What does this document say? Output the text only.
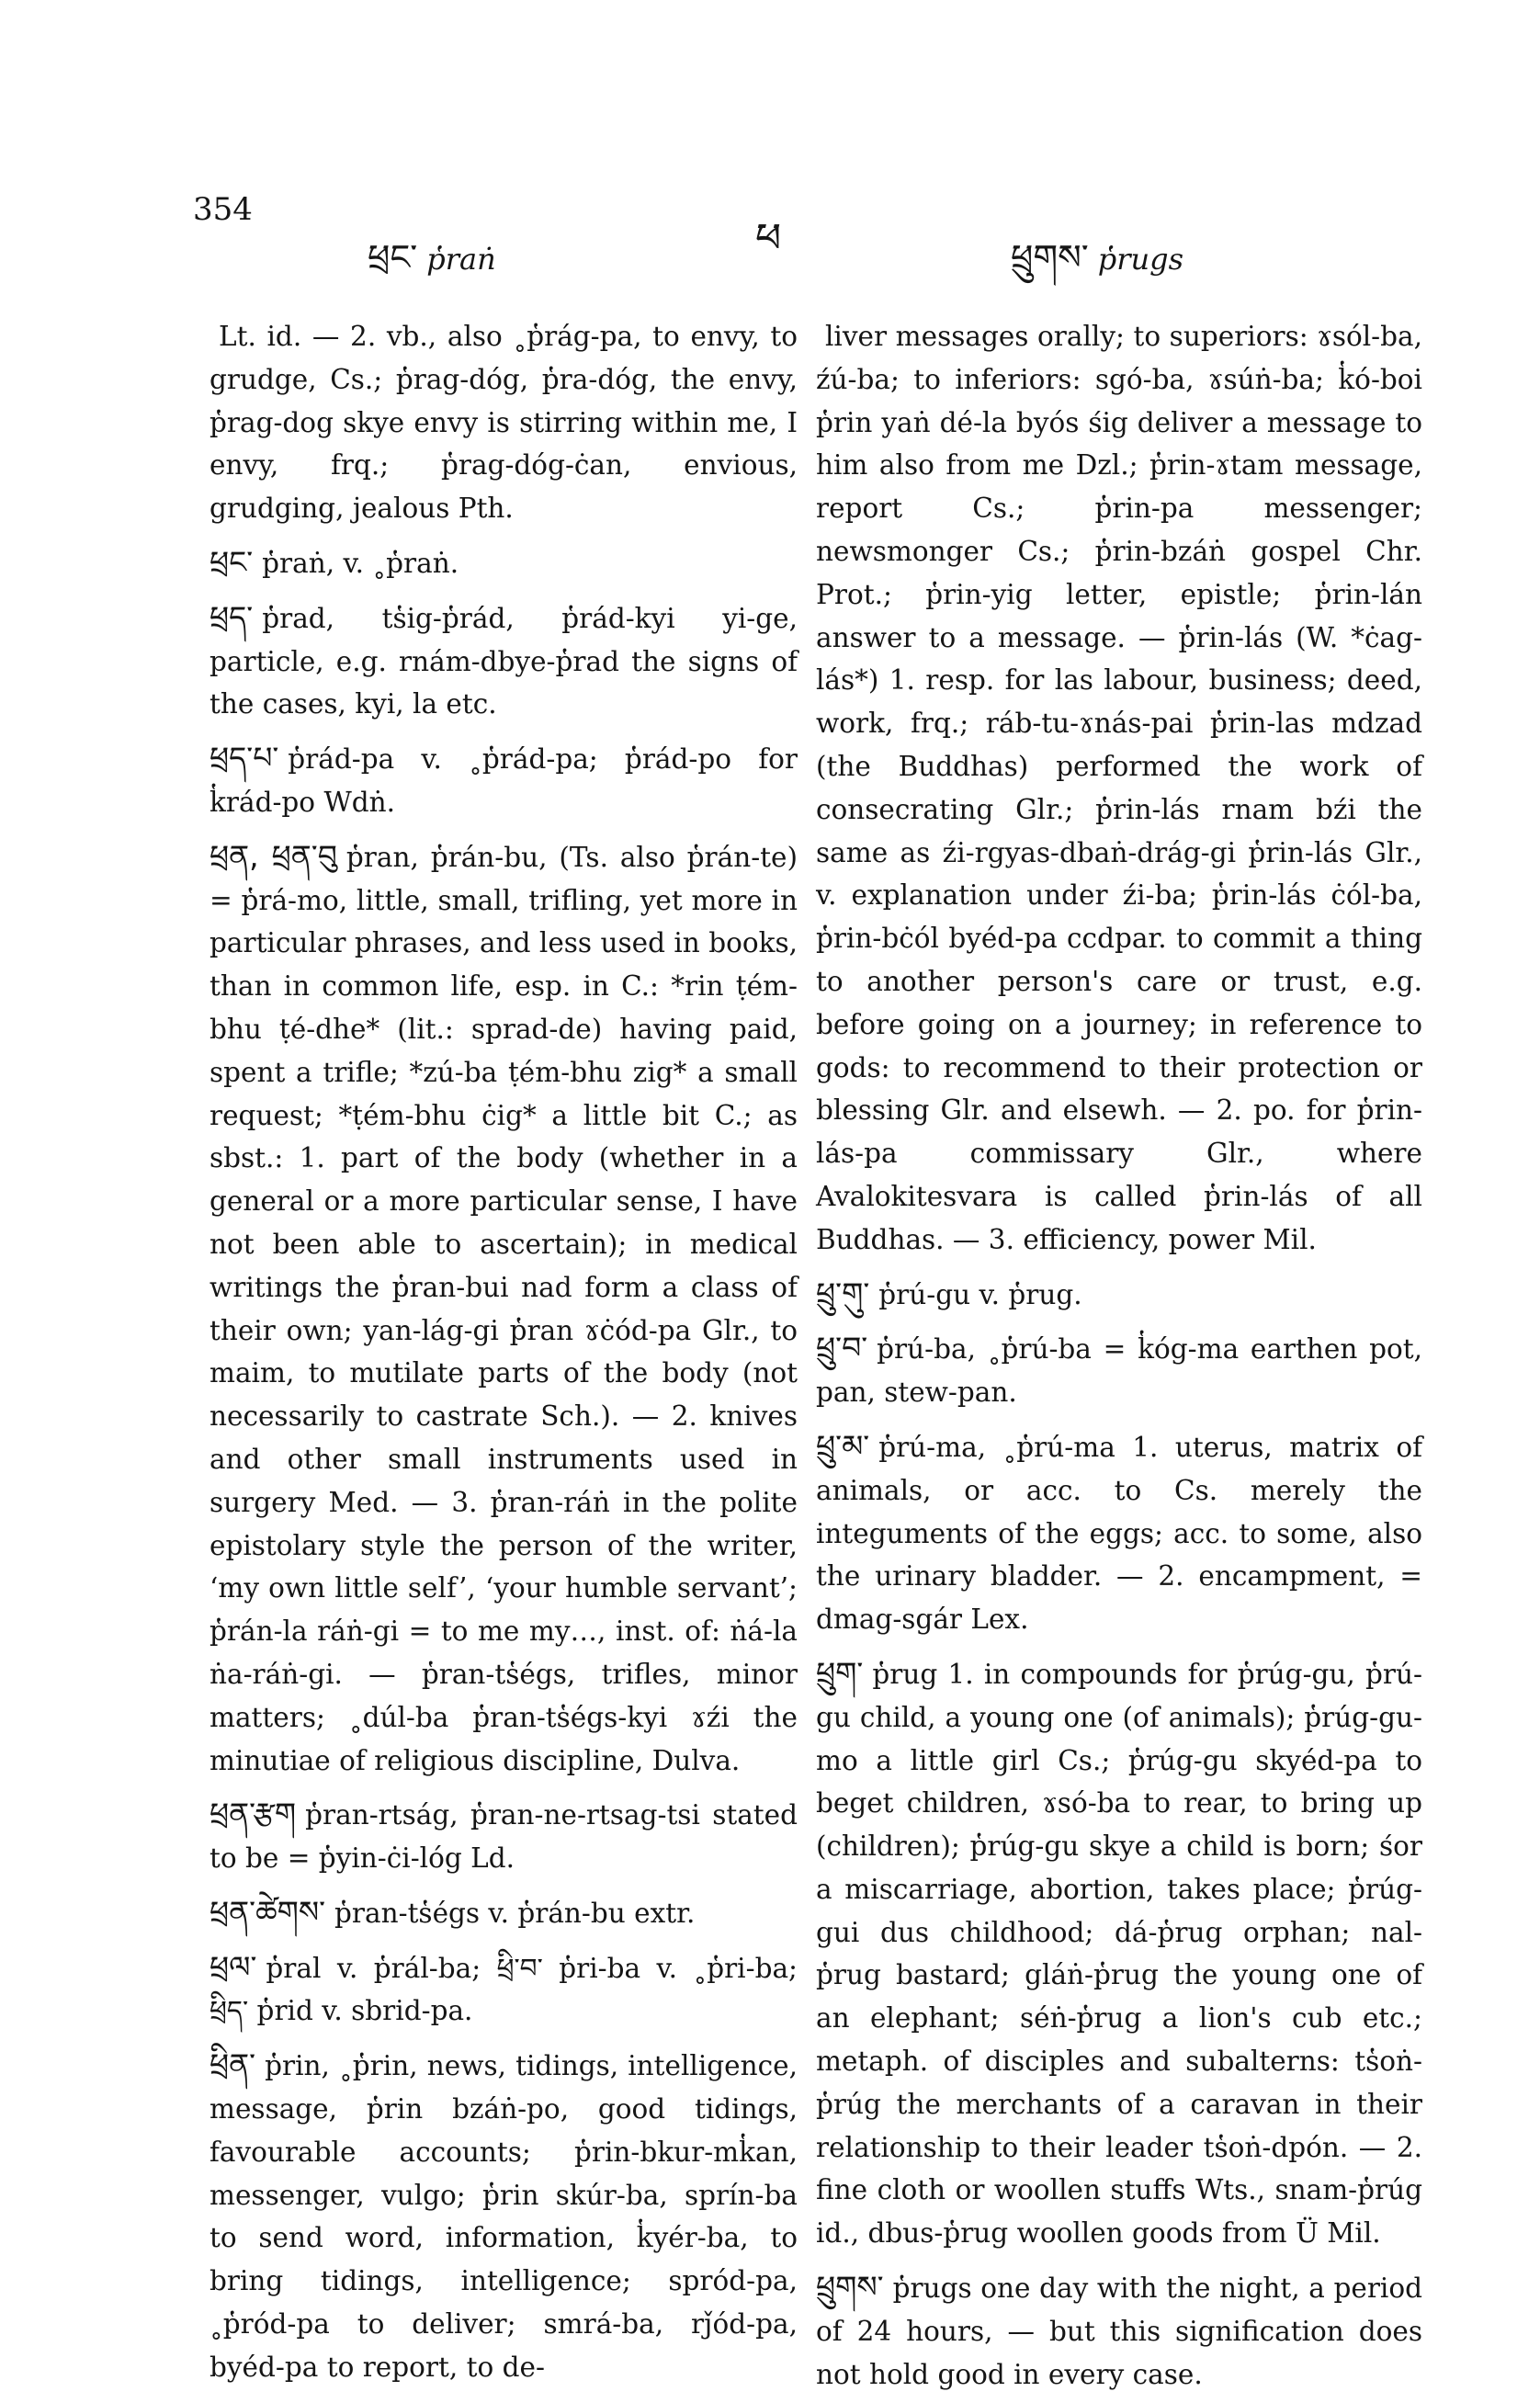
354
ཕྲང་ p̔raṅ	ཕ	ཕྲུགས་ p̔rugs

Lt. id. — 2. vb., also ˳p̔rág-pa, to envy, to grudge, Cs.; p̔rag-dóg, p̔ra-dóg, the envy, p̔rag-dog skye envy is stirring within me, I envy, frq.; p̔rag-dóg-ċan, envious, grudging, jealous Pth.

ཕྲང་ p̔raṅ, v. ˳p̔raṅ.

ཕྲད་ p̔rad, ts̔ig-p̔rád, p̔rád-kyi yi-ge, particle, e.g. rnám-dbye-p̔rad the signs of the cases, kyi, la etc.

ཕྲད་པ་ p̔rád-pa v. ˳p̔rád-pa; p̔rád-po for k̔rád-po Wdṅ.

ཕྲན, ཕྲན་བུ p̔ran, p̔rán-bu, (Ts. also p̔rán-te) = p̔rá-mo, little, small, trifling, yet more in particular phrases, and less used in books, than in common life, esp. in C.: *rin ṭém-bhu ṭé-dhe* (lit.: sprad-de) having paid, spent a trifle; *zú-ba ṭém-bhu zig* a small request; *ṭém-bhu ċig* a little bit C.; as sbst.: 1. part of the body (whether in a general or a more particular sense, I have not been able to ascertain); in medical writings the p̔ran-bui nad form a class of their own; yan-lág-gi p̔ran ɤċód-pa Glr., to maim, to mutilate parts of the body (not necessarily to castrate Sch.). — 2. knives and other small instruments used in surgery Med. — 3. p̔ran-ráṅ in the polite epistolary style the person of the writer, ‘my own little self’, ‘your humble servant’; p̔rán-la ráṅ-gi = to me my…, inst. of: ṅá-la ṅa-ráṅ-gi. — p̔ran-ts̔égs, trifles, minor matters; ˳dúl-ba p̔ran-ts̔égs-kyi ɤźi the minutiae of religious discipline, Dulva.

ཕྲན་རྩག p̔ran-rtság, p̔ran-ne-rtsag-tsi stated to be = p̔yin-ċi-lóg Ld.

ཕྲན་ཚེགས་ p̔ran-ts̔égs v. p̔rán-bu extr.

ཕྲལ་ p̔ral v. p̔rál-ba; ཕྲི་བ་ p̔ri-ba v. ˳p̔ri-ba; ཕྲིད་ p̔rid v. sbrid-pa.

ཕྲིན་ p̔rin, ˳p̔rin, news, tidings, intelligence, message, p̔rin bzáṅ-po, good tidings, favourable accounts; p̔rin-bkur-mk̔an, messenger, vulgo; p̔rin skúr-ba, sprín-ba to send word, information, k̔yér-ba, to bring tidings, intelligence; spród-pa, ˳p̔ród-pa to deliver; smrá-ba, rǰód-pa, byéd-pa to report, to de-

liver messages orally; to superiors: ɤsól-ba, źú-ba; to inferiors: sgó-ba, ɤsúṅ-ba; k̔ó-boi p̔rin yaṅ dé-la byós śig deliver a message to him also from me Dzl.; p̔rin-ɤtam message, report Cs.; p̔rin-pa messenger; newsmonger Cs.; p̔rin-bzáṅ gospel Chr. Prot.; p̔rin-yig letter, epistle; p̔rin-lán answer to a message. — p̔rin-lás (W. *ċag-lás*) 1. resp. for las labour, business; deed, work, frq.; ráb-tu-ɤnás-pai p̔rin-las mdzad (the Buddhas) performed the work of consecrating Glr.; p̔rin-lás rnam bźi the same as źi-rgyas-dbaṅ-drág-gi p̔rin-lás Glr., v. explanation under źi-ba; p̔rin-lás ċól-ba, p̔rin-bċól byéd-pa ccdpar. to commit a thing to another person's care or trust, e.g. before going on a journey; in reference to gods: to recommend to their protection or blessing Glr. and elsewh. — 2. po. for p̔rin-lás-pa commissary Glr., where Avalokitesvara is called p̔rin-lás of all Buddhas. — 3. efficiency, power Mil.

ཕྲུ་གུ་ p̔rú-gu v. p̔rug.

ཕྲུ་བ་ p̔rú-ba, ˳p̔rú-ba = k̔óg-ma earthen pot, pan, stew-pan.

ཕྲུ་མ་ p̔rú-ma, ˳p̔rú-ma 1. uterus, matrix of animals, or acc. to Cs. merely the integuments of the eggs; acc. to some, also the urinary bladder. — 2. encampment, = dmag-sgár Lex.

ཕྲུག་ p̔rug 1. in compounds for p̔rúg-gu, p̔rú-gu child, a young one (of animals); p̔rúg-gu-mo a little girl Cs.; p̔rúg-gu skyéd-pa to beget children, ɤsó-ba to rear, to bring up (children); p̔rúg-gu skye a child is born; śor a miscarriage, abortion, takes place; p̔rúg-gui dus childhood; dá-p̔rug orphan; nal-p̔rug bastard; gláṅ-p̔rug the young one of an elephant; séṅ-p̔rug a lion's cub etc.; metaph. of disciples and subalterns: ts̔oṅ-p̔rúg the merchants of a caravan in their relationship to their leader ts̔oṅ-dpón. — 2. fine cloth or woollen stuffs Wts., snam-p̔rúg id., dbus-p̔rug woollen goods from Ü Mil.

ཕྲུགས་ p̔rugs one day with the night, a period of 24 hours, — but this signification does not hold good in every case.
